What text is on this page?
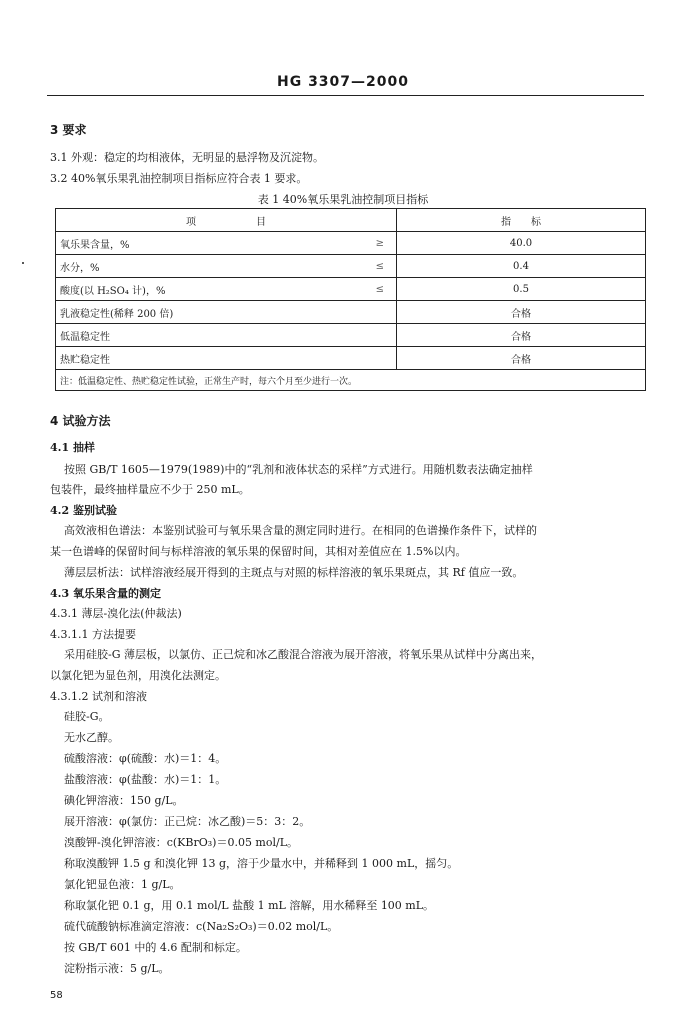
HG 3307—2000
3 要求
3.1 外观：稳定的均相液体，无明显的悬浮物及沉淀物。
3.2 40%氧乐果乳油控制项目指标应符合表 1 要求。
表 1 40%氧乐果乳油控制项目指标
项　　　　　　目		指　　标
氧乐果含量，%	≥	40.0
水分，%	≤	0.4
酸度(以 H₂SO₄ 计)，%	≤	0.5
乳液稳定性(稀释 200 倍)		合格
低温稳定性		合格
热贮稳定性		合格
注：低温稳定性、热贮稳定性试验，正常生产时，每六个月至少进行一次。		
4 试验方法
4.1 抽样
按照 GB/T 1605—1979(1989)中的“乳剂和液体状态的采样”方式进行。用随机数表法确定抽样
包装件，最终抽样量应不少于 250 mL。
4.2 鉴别试验
高效液相色谱法：本鉴别试验可与氧乐果含量的测定同时进行。在相同的色谱操作条件下，试样的
某一色谱峰的保留时间与标样溶液的氧乐果的保留时间，其相对差值应在 1.5%以内。
薄层层析法：试样溶液经展开得到的主斑点与对照的标样溶液的氧乐果斑点，其 Rf 值应一致。
4.3 氧乐果含量的测定
4.3.1 薄层-溴化法(仲裁法)
4.3.1.1 方法提要
采用硅胶-G 薄层板，以氯仿、正己烷和冰乙酸混合溶液为展开溶液，将氧乐果从试样中分离出来，
以氯化钯为显色剂，用溴化法测定。
4.3.1.2 试剂和溶液
硅胶-G。
无水乙醇。
硫酸溶液：φ(硫酸：水)＝1：4。
盐酸溶液：φ(盐酸：水)＝1：1。
碘化钾溶液：150 g/L。
展开溶液：φ(氯仿：正己烷：冰乙酸)＝5：3：2。
溴酸钾-溴化钾溶液：c(KBrO₃)＝0.05 mol/L。
称取溴酸钾 1.5 g 和溴化钾 13 g，溶于少量水中，并稀释到 1 000 mL，摇匀。
氯化钯显色液：1 g/L。
称取氯化钯 0.1 g，用 0.1 mol/L 盐酸 1 mL 溶解，用水稀释至 100 mL。
硫代硫酸钠标准滴定溶液：c(Na₂S₂O₃)＝0.02 mol/L。
按 GB/T 601 中的 4.6 配制和标定。
淀粉指示液：5 g/L。
58
